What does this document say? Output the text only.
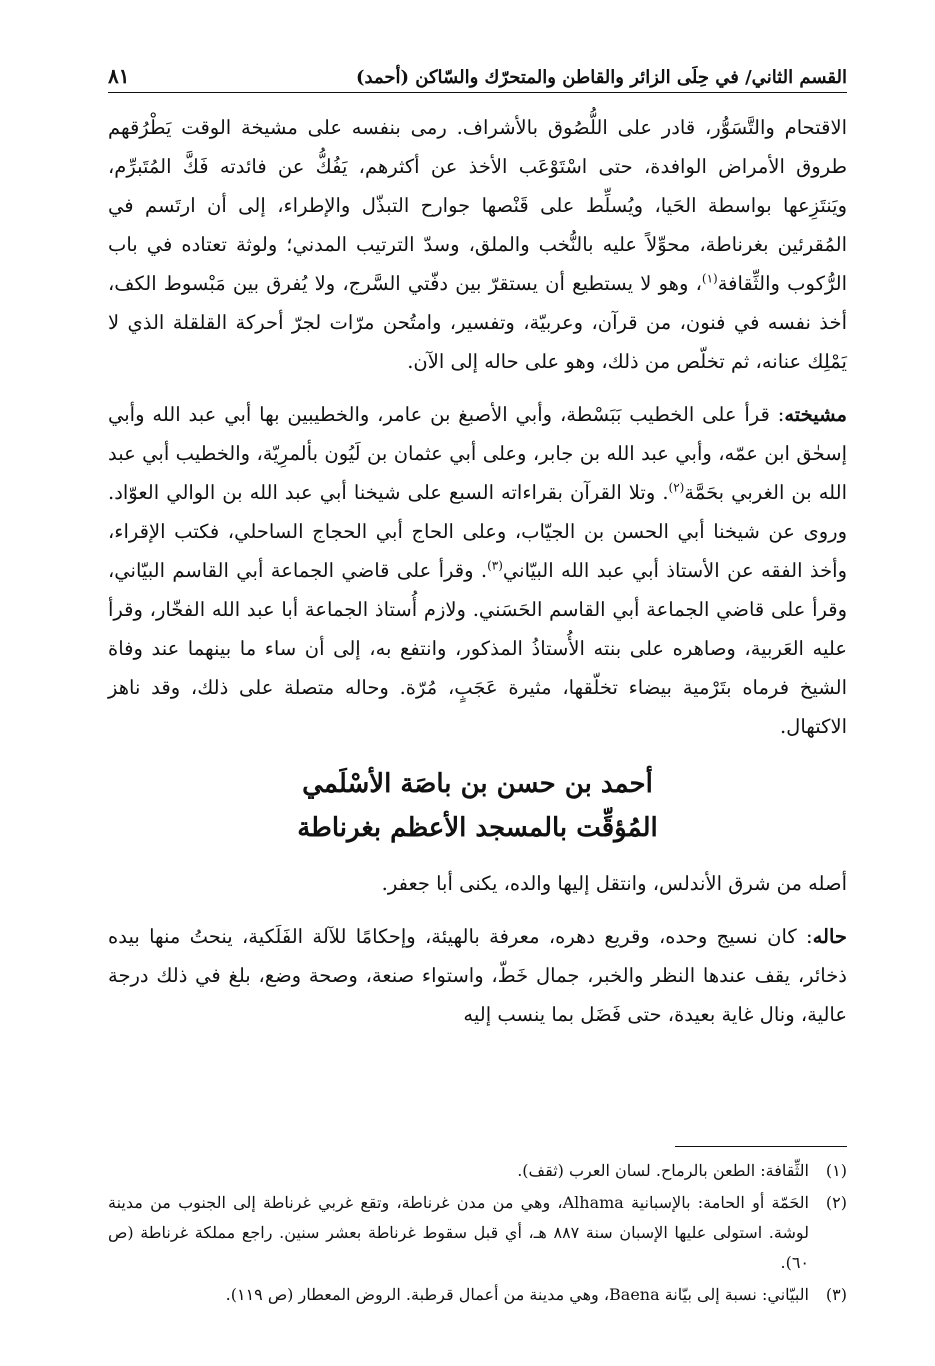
القسم الثاني/ في حِلَى الزائر والقاطن والمتحرّك والسّاكن (أحمد)
٨١

الاقتحام والتَّسَوُّر، قادر على اللُّصُوق بالأشراف. رمى بنفسه على مشيخة الوقت يَطْرُقهم طروق الأمراض الوافدة، حتى اسْتَوْعَب الأخذ عن أكثرهم، يَفُكُّ عن فائدته فَكَّ المُتَبرِّم، ويَنتَزِعها بواسطة الحَيا، ويُسلِّط على قَنْصها جوارح التبذّل والإطراء، إلى أن ارتَسم في المُقرئين بغرناطة، محوِّلاً عليه بالنُّخب والملق، وسدّ الترتيب المدني؛ ولوثة تعتاده في باب الرُّكوب والثِّقافة$^{(١)}$، وهو لا يستطيع أن يستقرّ بين دفّتي السَّرج، ولا يُفرق بين مَبْسوط الكف، أخذ نفسه في فنون، من قرآن، وعربيّة، وتفسير، وامتُحن مرّات لجرّ أحركة القلقلة الذي لا يَمْلِك عنانه، ثم تخلّص من ذلك، وهو على حاله إلى الآن.

مشيخته: قرأ على الخطيب بَبَسْطة، وأبي الأصبغ بن عامر، والخطيبين بها أبي عبد الله وأبي إسحٰق ابن عمّه، وأبي عبد الله بن جابر، وعلى أبي عثمان بن لَيُون بألمرِيّة، والخطيب أبي عبد الله بن الغربي بحَمَّة$^{(٢)}$. وتلا القرآن بقراءاته السبع على شيخنا أبي عبد الله بن الوالي العوّاد. وروى عن شيخنا أبي الحسن بن الجيّاب، وعلى الحاج أبي الحجاج الساحلي، فكتب الإقراء، وأخذ الفقه عن الأستاذ أبي عبد الله البيّاني$^{(٣)}$. وقرأ على قاضي الجماعة أبي القاسم البيّاني، وقرأ على قاضي الجماعة أبي القاسم الحَسَني. ولازم أُستاذ الجماعة أبا عبد الله الفخّار، وقرأ عليه العَربية، وصاهره على بنته الأُستاذُ المذكور، وانتفع به، إلى أن ساء ما بينهما عند وفاة الشيخ فرماه بتَرْمية بيضاء تخلّقها، مثيرة عَجَبٍ، مُرّة. وحاله متصلة على ذلك، وقد ناهز الاكتهال.

أحمد بن حسن بن باصَة الأسْلَمي

المُؤقِّت بالمسجد الأعظم بغرناطة

أصله من شرق الأندلس، وانتقل إليها والده، يكنى أبا جعفر.

حاله: كان نسيج وحده، وقريع دهره، معرفة بالهيئة، وإحكامًا للآلة الفَلَكية، ينحتُ منها بيده ذخائر، يقف عندها النظر والخبر، جمال خَطّ، واستواء صنعة، وصحة وضع، بلغ في ذلك درجة عالية، ونال غاية بعيدة، حتى فَضَل بما ينسب إليه

(١)
الثِّقافة: الطعن بالرماح. لسان العرب (ثقف).
(٢)
الحَمّة أو الحامة: بالإسبانية Alhama، وهي من مدن غرناطة، وتقع غربي غرناطة إلى الجنوب من مدينة لوشة. استولى عليها الإسبان سنة ٨٨٧ هـ، أي قبل سقوط غرناطة بعشر سنين. راجع مملكة غرناطة (ص ٦٠).
(٣)
البيّاني: نسبة إلى بيّانة Baena، وهي مدينة من أعمال قرطبة. الروض المعطار (ص ١١٩).
